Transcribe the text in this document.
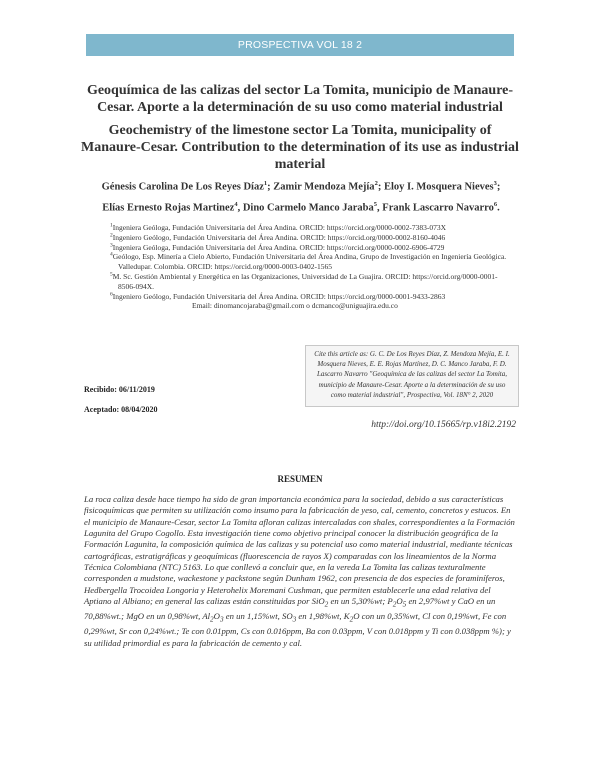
PROSPECTIVA VOL 18 2
Geoquímica de las calizas del sector La Tomita, municipio de Manaure-Cesar. Aporte a la determinación de su uso como material industrial
Geochemistry of the limestone sector La Tomita, municipality of Manaure-Cesar. Contribution to the determination of its use as industrial material
Génesis Carolina De Los Reyes Díaz$^1$; Zamir Mendoza Mejía$^2$; Eloy I. Mosquera Nieves$^3$; Elías Ernesto Rojas Martinez$^4$, Dino Carmelo Manco Jaraba$^5$, Frank Lascarro Navarro$^6$.
$^1$Ingeniera Geóloga, Fundación Universitaria del Área Andina. ORCID: https://orcid.org/0000-0002-7383-073X
$^2$Ingeniero Geólogo, Fundación Universitaria del Área Andina. ORCID: https://orcid.org/0000-0002-8160-4046
$^3$Ingeniera Geóloga, Fundación Universitaria del Área Andina. ORCID: https://orcid.org/0000-0002-6906-4729
$^4$Geólogo, Esp. Minería a Cielo Abierto, Fundación Universitaria del Área Andina, Grupo de Investigación en Ingeniería Geológica. Valledupar. Colombia. ORCID: https://orcid.org/0000-0003-0402-1565
$^5$M. Sc. Gestión Ambiental y Energética en las Organizaciones, Universidad de La Guajira. ORCID: https://orcid.org/0000-0001-8506-094X.
$^6$Ingeniero Geólogo, Fundación Universitaria del Área Andina. ORCID: https://orcid.org/0000-0001-9433-2863
Email: dinomancojaraba@gmail.com o dcmanco@uniguajira.edu.co
Cite this article as: G. C. De Los Reyes Díaz, Z. Mendoza Mejía, E. I. Mosquera Nieves, E. E. Rojas Martínez, D. C. Manco Jaraba, F. D. Lascarro Navarro "Geoquímica de las calizas del sector La Tomita, municipio de Manaure-Cesar. Aporte a la determinación de su uso como material industrial", Prospectiva, Vol. 18N° 2, 2020
Recibido: 06/11/2019
Aceptado: 08/04/2020
http://doi.org/10.15665/rp.v18i2.2192
RESUMEN

La roca caliza desde hace tiempo ha sido de gran importancia económica para la sociedad, debido a sus características fisicoquímicas que permiten su utilización como insumo para la fabricación de yeso, cal, cemento, concretos y estucos. En el municipio de Manaure-Cesar, sector La Tomita afloran calizas intercaladas con shales, correspondientes a la Formación Lagunita del Grupo Cogollo. Esta investigación tiene como objetivo principal conocer la distribución geográfica de la Formación Lagunita, la composición química de las calizas y su potencial uso como material industrial, mediante técnicas cartográficas, estratigráficas y geoquímicas (fluorescencia de rayos X) comparadas con los lineamientos de la Norma Técnica Colombiana (NTC) 5163. Lo que conllevó a concluir que, en la vereda La Tomita las calizas texturalmente corresponden a mudstone, wackestone y packstone según Dunham 1962, con presencia de dos especies de foraminíferos, Hedbergella Trocoidea Longoria y Heterohelix Moremani Cushman, que permiten establecerle una edad relativa del Aptiano al Albiano; en general las calizas están constituidas por SiO$_2$ en un 5,30%wt; $P_2O_5$ en 2,97%wt y CaO en un 70,88%wt.; MgO en un 0,98%wt, $Al_2O_3$ en un 1,15%wt, $SO_3$ en 1,98%wt, $K_2O$ con un 0,35%wt, Cl con 0,19%wt, Fe con 0,29%wt, Sr con 0,24%wt.; Te con 0.01ppm, Cs con 0.016ppm, Ba con 0.03ppm, V con 0.018ppm y Ti con 0.038ppm %); y su utilidad primordial es para la fabricación de cemento y cal.
